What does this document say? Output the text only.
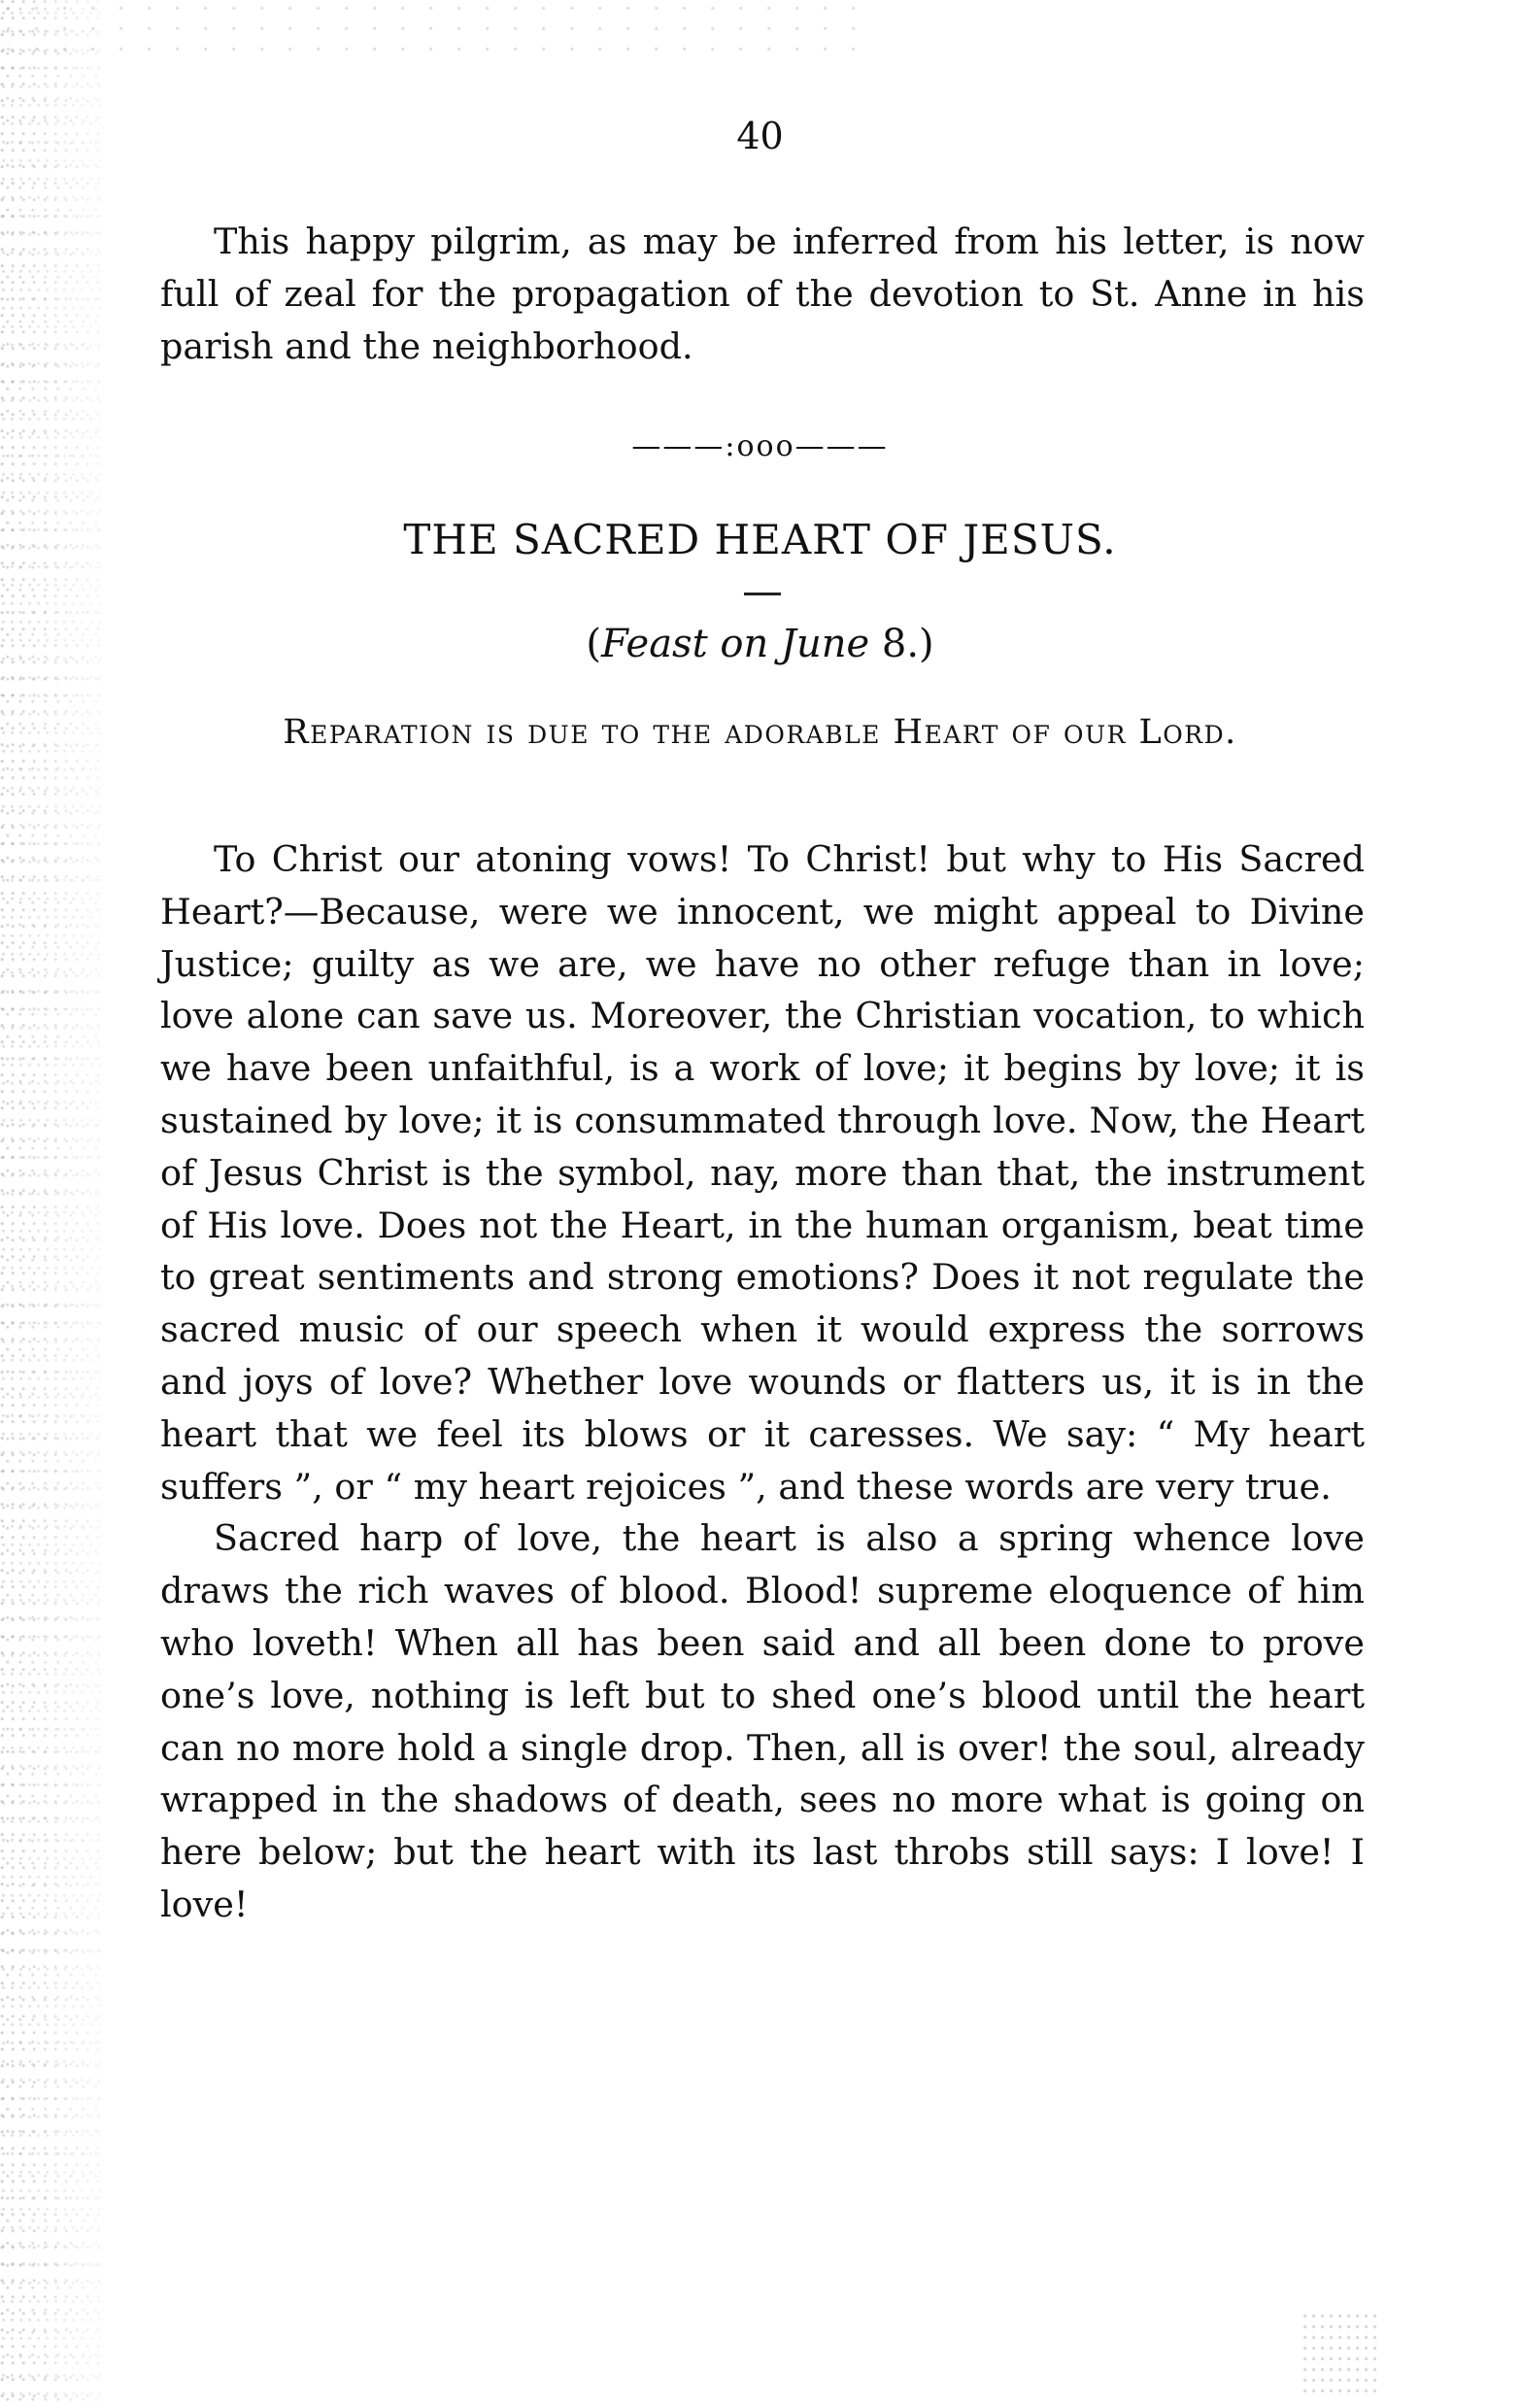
40

This happy pilgrim, as may be inferred from his letter, is now full of zeal for the propagation of the devotion to St. Anne in his parish and the neighborhood.

———:ooo———
THE SACRED HEART OF JESUS.
(Feast on June 8.)
Reparation is due to the adorable Heart of our Lord.

To Christ our atoning vows! To Christ! but why to His Sacred Heart?—Because, were we innocent, we might appeal to Divine Justice; guilty as we are, we have no other refuge than in love; love alone can save us. Moreover, the Christian vocation, to which we have been unfaithful, is a work of love; it begins by love; it is sustained by love; it is consummated through love. Now, the Heart of Jesus Christ is the symbol, nay, more than that, the instrument of His love. Does not the Heart, in the human organism, beat time to great sentiments and strong emotions? Does it not regulate the sacred music of our speech when it would express the sorrows and joys of love? Whether love wounds or flatters us, it is in the heart that we feel its blows or it caresses. We say: “ My heart suffers ”, or “ my heart rejoices ”, and these words are very true.

Sacred harp of love, the heart is also a spring whence love draws the rich waves of blood. Blood! supreme eloquence of him who loveth! When all has been said and all been done to prove one’s love, nothing is left but to shed one’s blood until the heart can no more hold a single drop. Then, all is over! the soul, already wrapped in the shadows of death, sees no more what is going on here below; but the heart with its last throbs still says: I love! I love!
